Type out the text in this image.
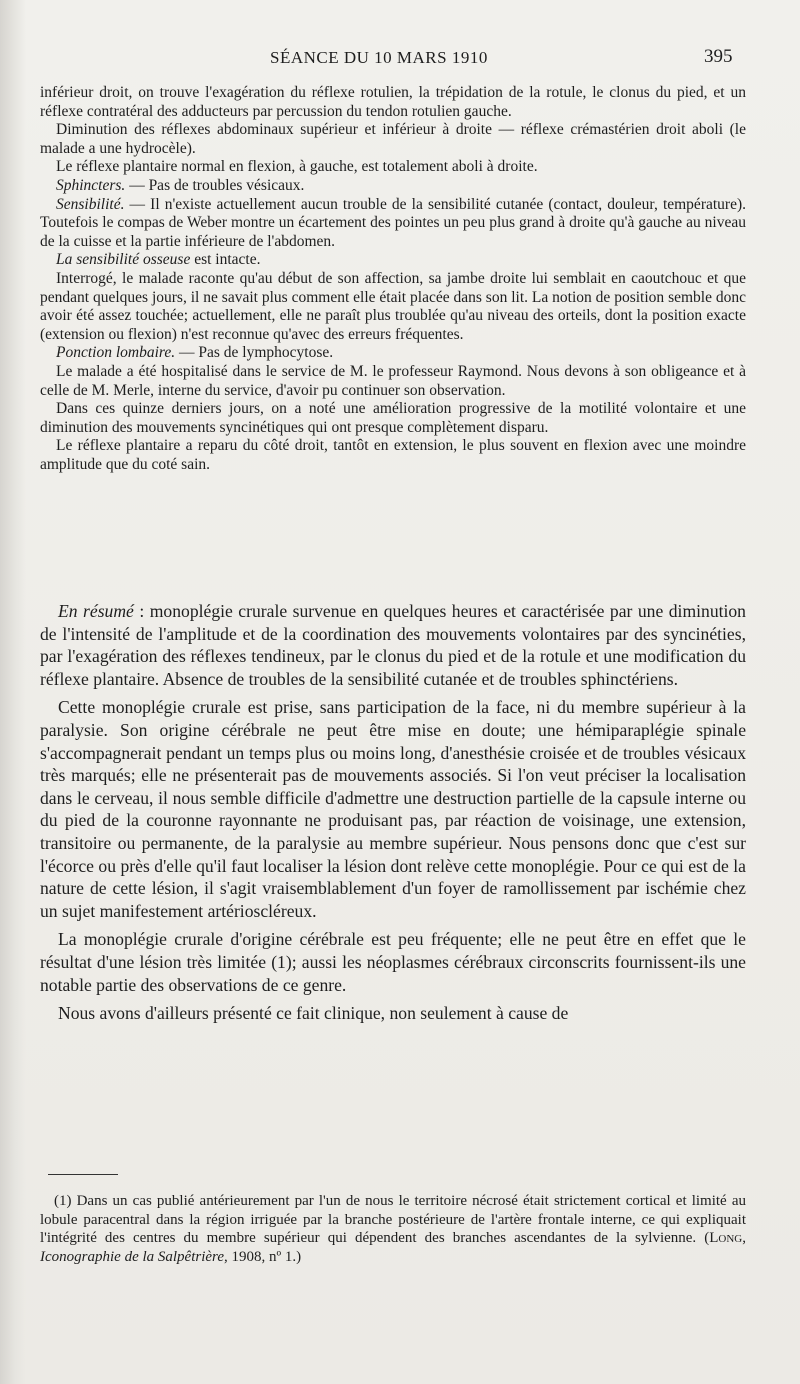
SÉANCE DU 10 MARS 1910	395

inférieur droit, on trouve l'exagération du réflexe rotulien, la trépidation de la rotule, le clonus du pied, et un réflexe contratéral des adducteurs par percussion du tendon rotulien gauche.

Diminution des réflexes abdominaux supérieur et inférieur à droite — réflexe crémastérien droit aboli (le malade a une hydrocèle).

Le réflexe plantaire normal en flexion, à gauche, est totalement aboli à droite.

Sphincters. — Pas de troubles vésicaux.

Sensibilité. — Il n'existe actuellement aucun trouble de la sensibilité cutanée (contact, douleur, température). Toutefois le compas de Weber montre un écartement des pointes un peu plus grand à droite qu'à gauche au niveau de la cuisse et la partie inférieure de l'abdomen.

La sensibilité osseuse est intacte.

Interrogé, le malade raconte qu'au début de son affection, sa jambe droite lui semblait en caoutchouc et que pendant quelques jours, il ne savait plus comment elle était placée dans son lit. La notion de position semble donc avoir été assez touchée; actuellement, elle ne paraît plus troublée qu'au niveau des orteils, dont la position exacte (extension ou flexion) n'est reconnue qu'avec des erreurs fréquentes.

Ponction lombaire. — Pas de lymphocytose.

Le malade a été hospitalisé dans le service de M. le professeur Raymond. Nous devons à son obligeance et à celle de M. Merle, interne du service, d'avoir pu continuer son observation.

Dans ces quinze derniers jours, on a noté une amélioration progressive de la motilité volontaire et une diminution des mouvements syncinétiques qui ont presque complètement disparu.

Le réflexe plantaire a reparu du côté droit, tantôt en extension, le plus souvent en flexion avec une moindre amplitude que du coté sain.

En résumé : monoplégie crurale survenue en quelques heures et caractérisée par une diminution de l'intensité de l'amplitude et de la coordination des mouvements volontaires par des syncinéties, par l'exagération des réflexes tendineux, par le clonus du pied et de la rotule et une modification du réflexe plantaire. Absence de troubles de la sensibilité cutanée et de troubles sphinctériens.

Cette monoplégie crurale est prise, sans participation de la face, ni du membre supérieur à la paralysie. Son origine cérébrale ne peut être mise en doute; une hémiparaplégie spinale s'accompagnerait pendant un temps plus ou moins long, d'anesthésie croisée et de troubles vésicaux très marqués; elle ne présenterait pas de mouvements associés. Si l'on veut préciser la localisation dans le cerveau, il nous semble difficile d'admettre une destruction partielle de la capsule interne ou du pied de la couronne rayonnante ne produisant pas, par réaction de voisinage, une extension, transitoire ou permanente, de la paralysie au membre supérieur. Nous pensons donc que c'est sur l'écorce ou près d'elle qu'il faut localiser la lésion dont relève cette monoplégie. Pour ce qui est de la nature de cette lésion, il s'agit vraisemblablement d'un foyer de ramollissement par ischémie chez un sujet manifestement artérioscléreux.

La monoplégie crurale d'origine cérébrale est peu fréquente; elle ne peut être en effet que le résultat d'une lésion très limitée (1); aussi les néoplasmes cérébraux circonscrits fournissent-ils une notable partie des observations de ce genre.

Nous avons d'ailleurs présenté ce fait clinique, non seulement à cause de

(1) Dans un cas publié antérieurement par l'un de nous le territoire nécrosé était strictement cortical et limité au lobule paracentral dans la région irriguée par la branche postérieure de l'artère frontale interne, ce qui expliquait l'intégrité des centres du membre supérieur qui dépendent des branches ascendantes de la sylvienne. (Long, Iconographie de la Salpêtrière, 1908, nº 1.)
